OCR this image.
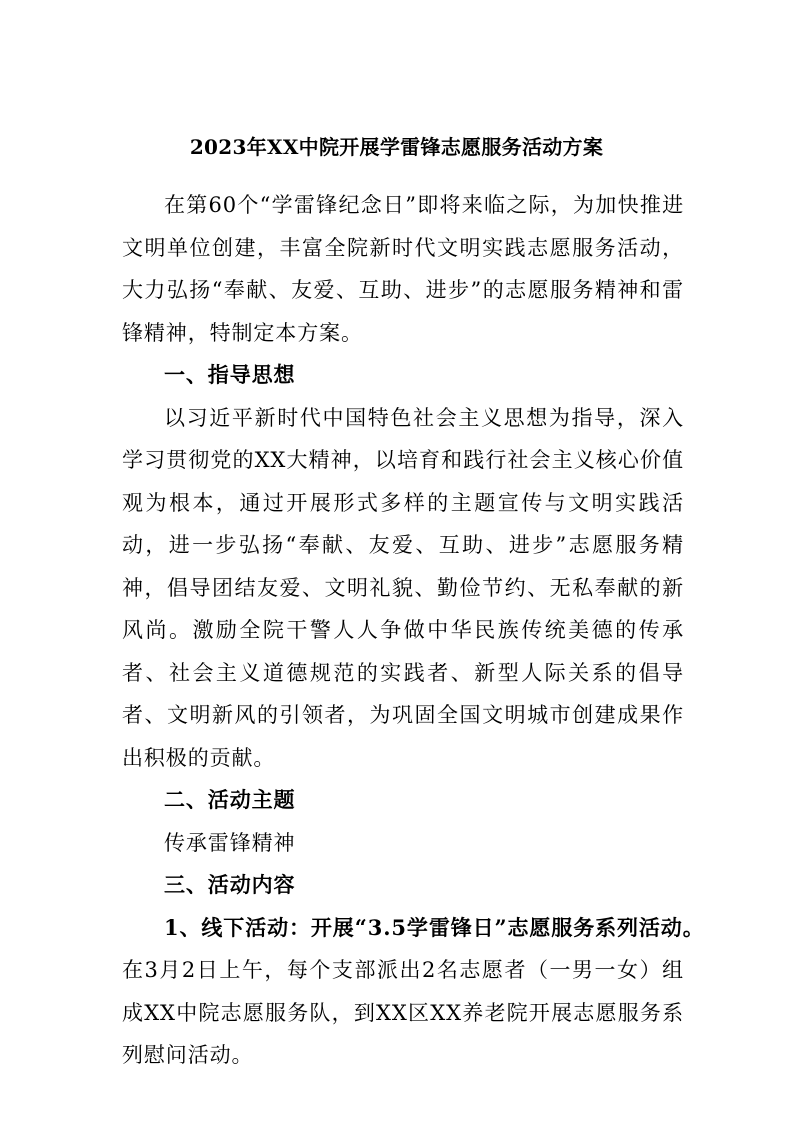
2023年XX中院开展学雷锋志愿服务活动方案

在第60个“学雷锋纪念日”即将来临之际，为加快推进文明单位创建，丰富全院新时代文明实践志愿服务活动，大力弘扬“奉献、友爱、互助、进步”的志愿服务精神和雷锋精神，特制定本方案。

一、指导思想

以习近平新时代中国特色社会主义思想为指导，深入学习贯彻党的XX大精神，以培育和践行社会主义核心价值观为根本，通过开展形式多样的主题宣传与文明实践活动，进一步弘扬“奉献、友爱、互助、进步”志愿服务精神，倡导团结友爱、文明礼貌、勤俭节约、无私奉献的新风尚。激励全院干警人人争做中华民族传统美德的传承者、社会主义道德规范的实践者、新型人际关系的倡导者、文明新风的引领者，为巩固全国文明城市创建成果作出积极的贡献。

二、活动主题

传承雷锋精神

三、活动内容

1、线下活动：开展“3.5学雷锋日”志愿服务系列活动。

在3月2日上午，每个支部派出2名志愿者（一男一女）组成XX中院志愿服务队，到XX区XX养老院开展志愿服务系列慰问活动。
